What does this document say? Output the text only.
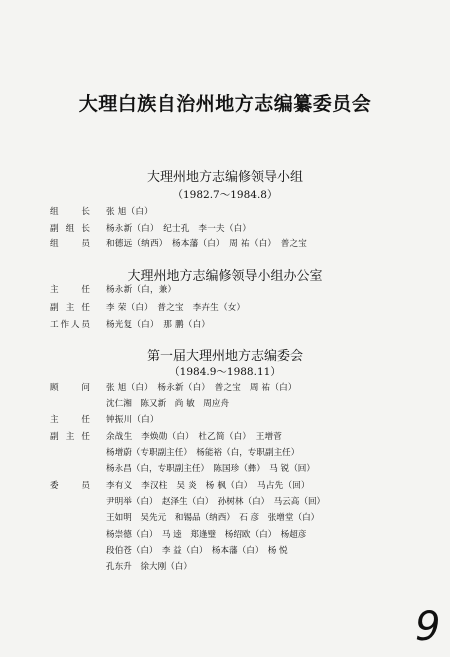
大理白族自治州地方志编纂委员会
大理州地方志编修领导小组
（1982.7～1984.8）
组 长 张 旭（白）
副组长 杨永新（白）　纪士孔　李一夫（白）
组 员 和德远（纳西）　杨本藩（白）　周 祐（白）　普之宝
大理州地方志编修领导小组办公室
主 任 杨永新（白，兼）
副主任 李 荣（白）　普之宝　李卉生（女）
工作人员 杨光复（白）　那 鹏（白）
第一届大理州地方志编委会
（1984.9～1988.11）
顾 问 张 旭（白）　杨永新（白）　普之宝　周 祐（白）
沈仁湘　陈又新　尚 敏　周应舟
主 任 钟振川（白）
副主任 余战生　李焕勋（白）　杜乙简（白）　王增菅
杨增蔚（专职副主任）　杨能裕（白，专职副主任）
杨永昌（白，专职副主任）　陈国珍（彝）　马 锐（回）
委 员 李有义　李汉柱　吴 炎　杨 枫（白）　马占先（回）
尹明举（白）　赵泽生（白）　孙树林（白）　马云高（回）
王如明　吴先元　和锡品（纳西）　石 彦　张增堂（白）
杨崇德（白）　马 逵　郑逢璧　杨绍欧（白）　杨超彦
段伯苍（白）　李 益（白）　杨本藩（白）　杨 悦
孔东升　徐大刚（白）
9
